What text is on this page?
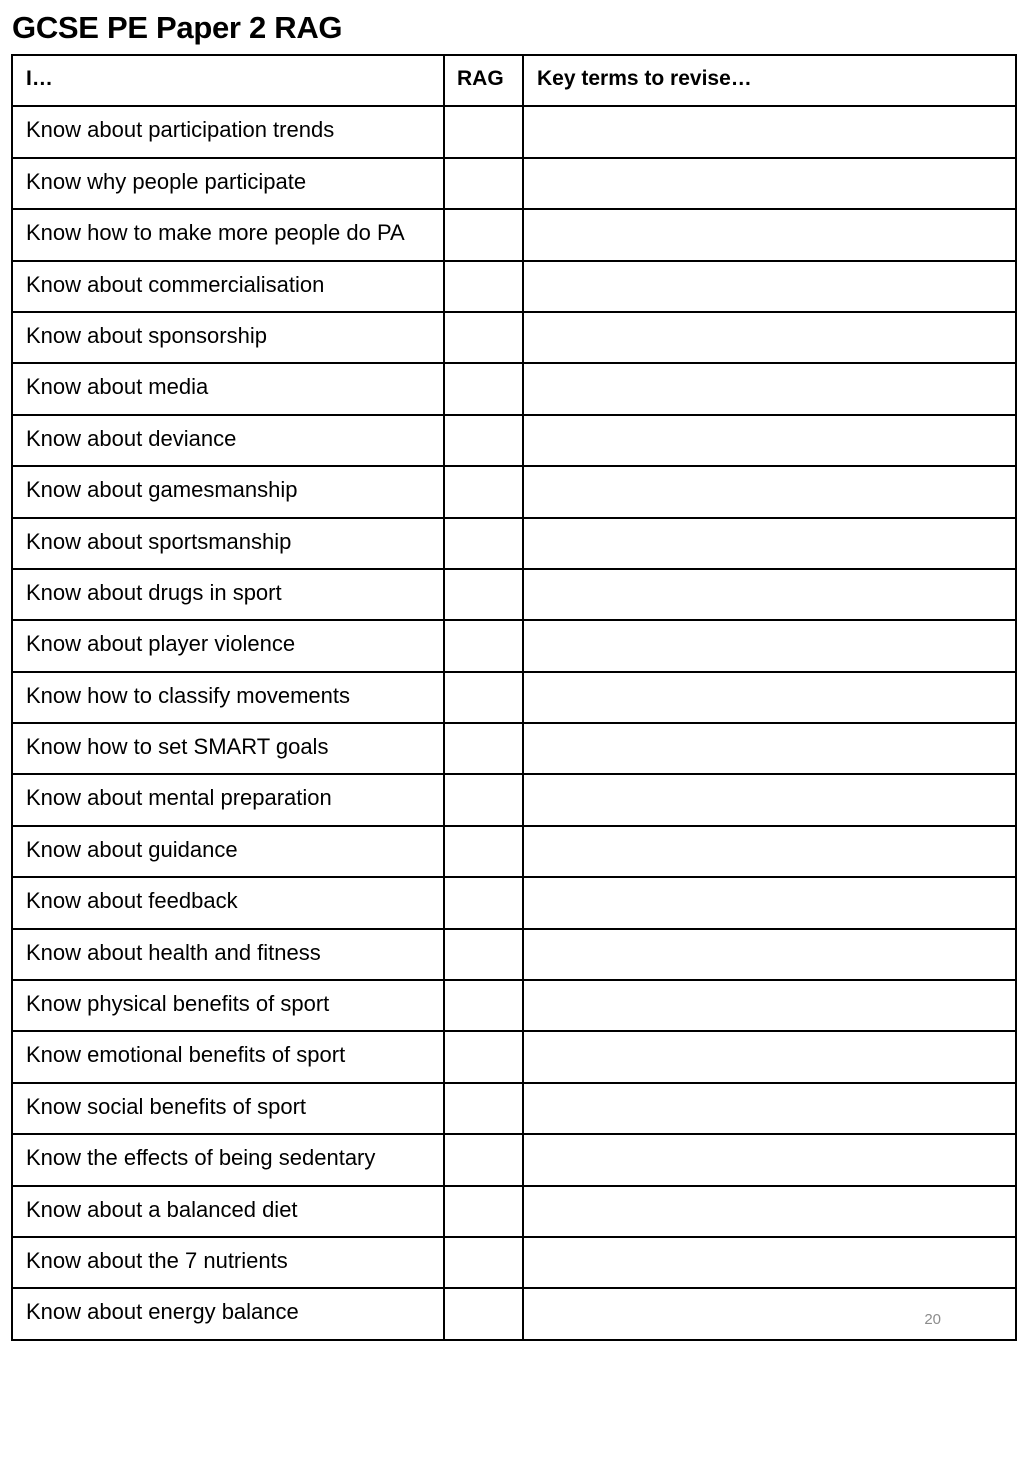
GCSE PE Paper 2 RAG
I…	RAG	Key terms to revise…
Know about participation trends		
Know why people participate		
Know how to make more people do PA		
Know about commercialisation		
Know about sponsorship		
Know about media		
Know about deviance		
Know about gamesmanship		
Know about sportsmanship		
Know about drugs in sport		
Know about player violence		
Know how to classify movements		
Know how to set SMART goals		
Know about mental preparation		
Know about guidance		
Know about feedback		
Know about health and fitness		
Know physical benefits of sport		
Know emotional benefits of sport		
Know social benefits of sport		
Know the effects of being sedentary		
Know about a balanced diet		
Know about the 7 nutrients		
Know about energy balance		20
